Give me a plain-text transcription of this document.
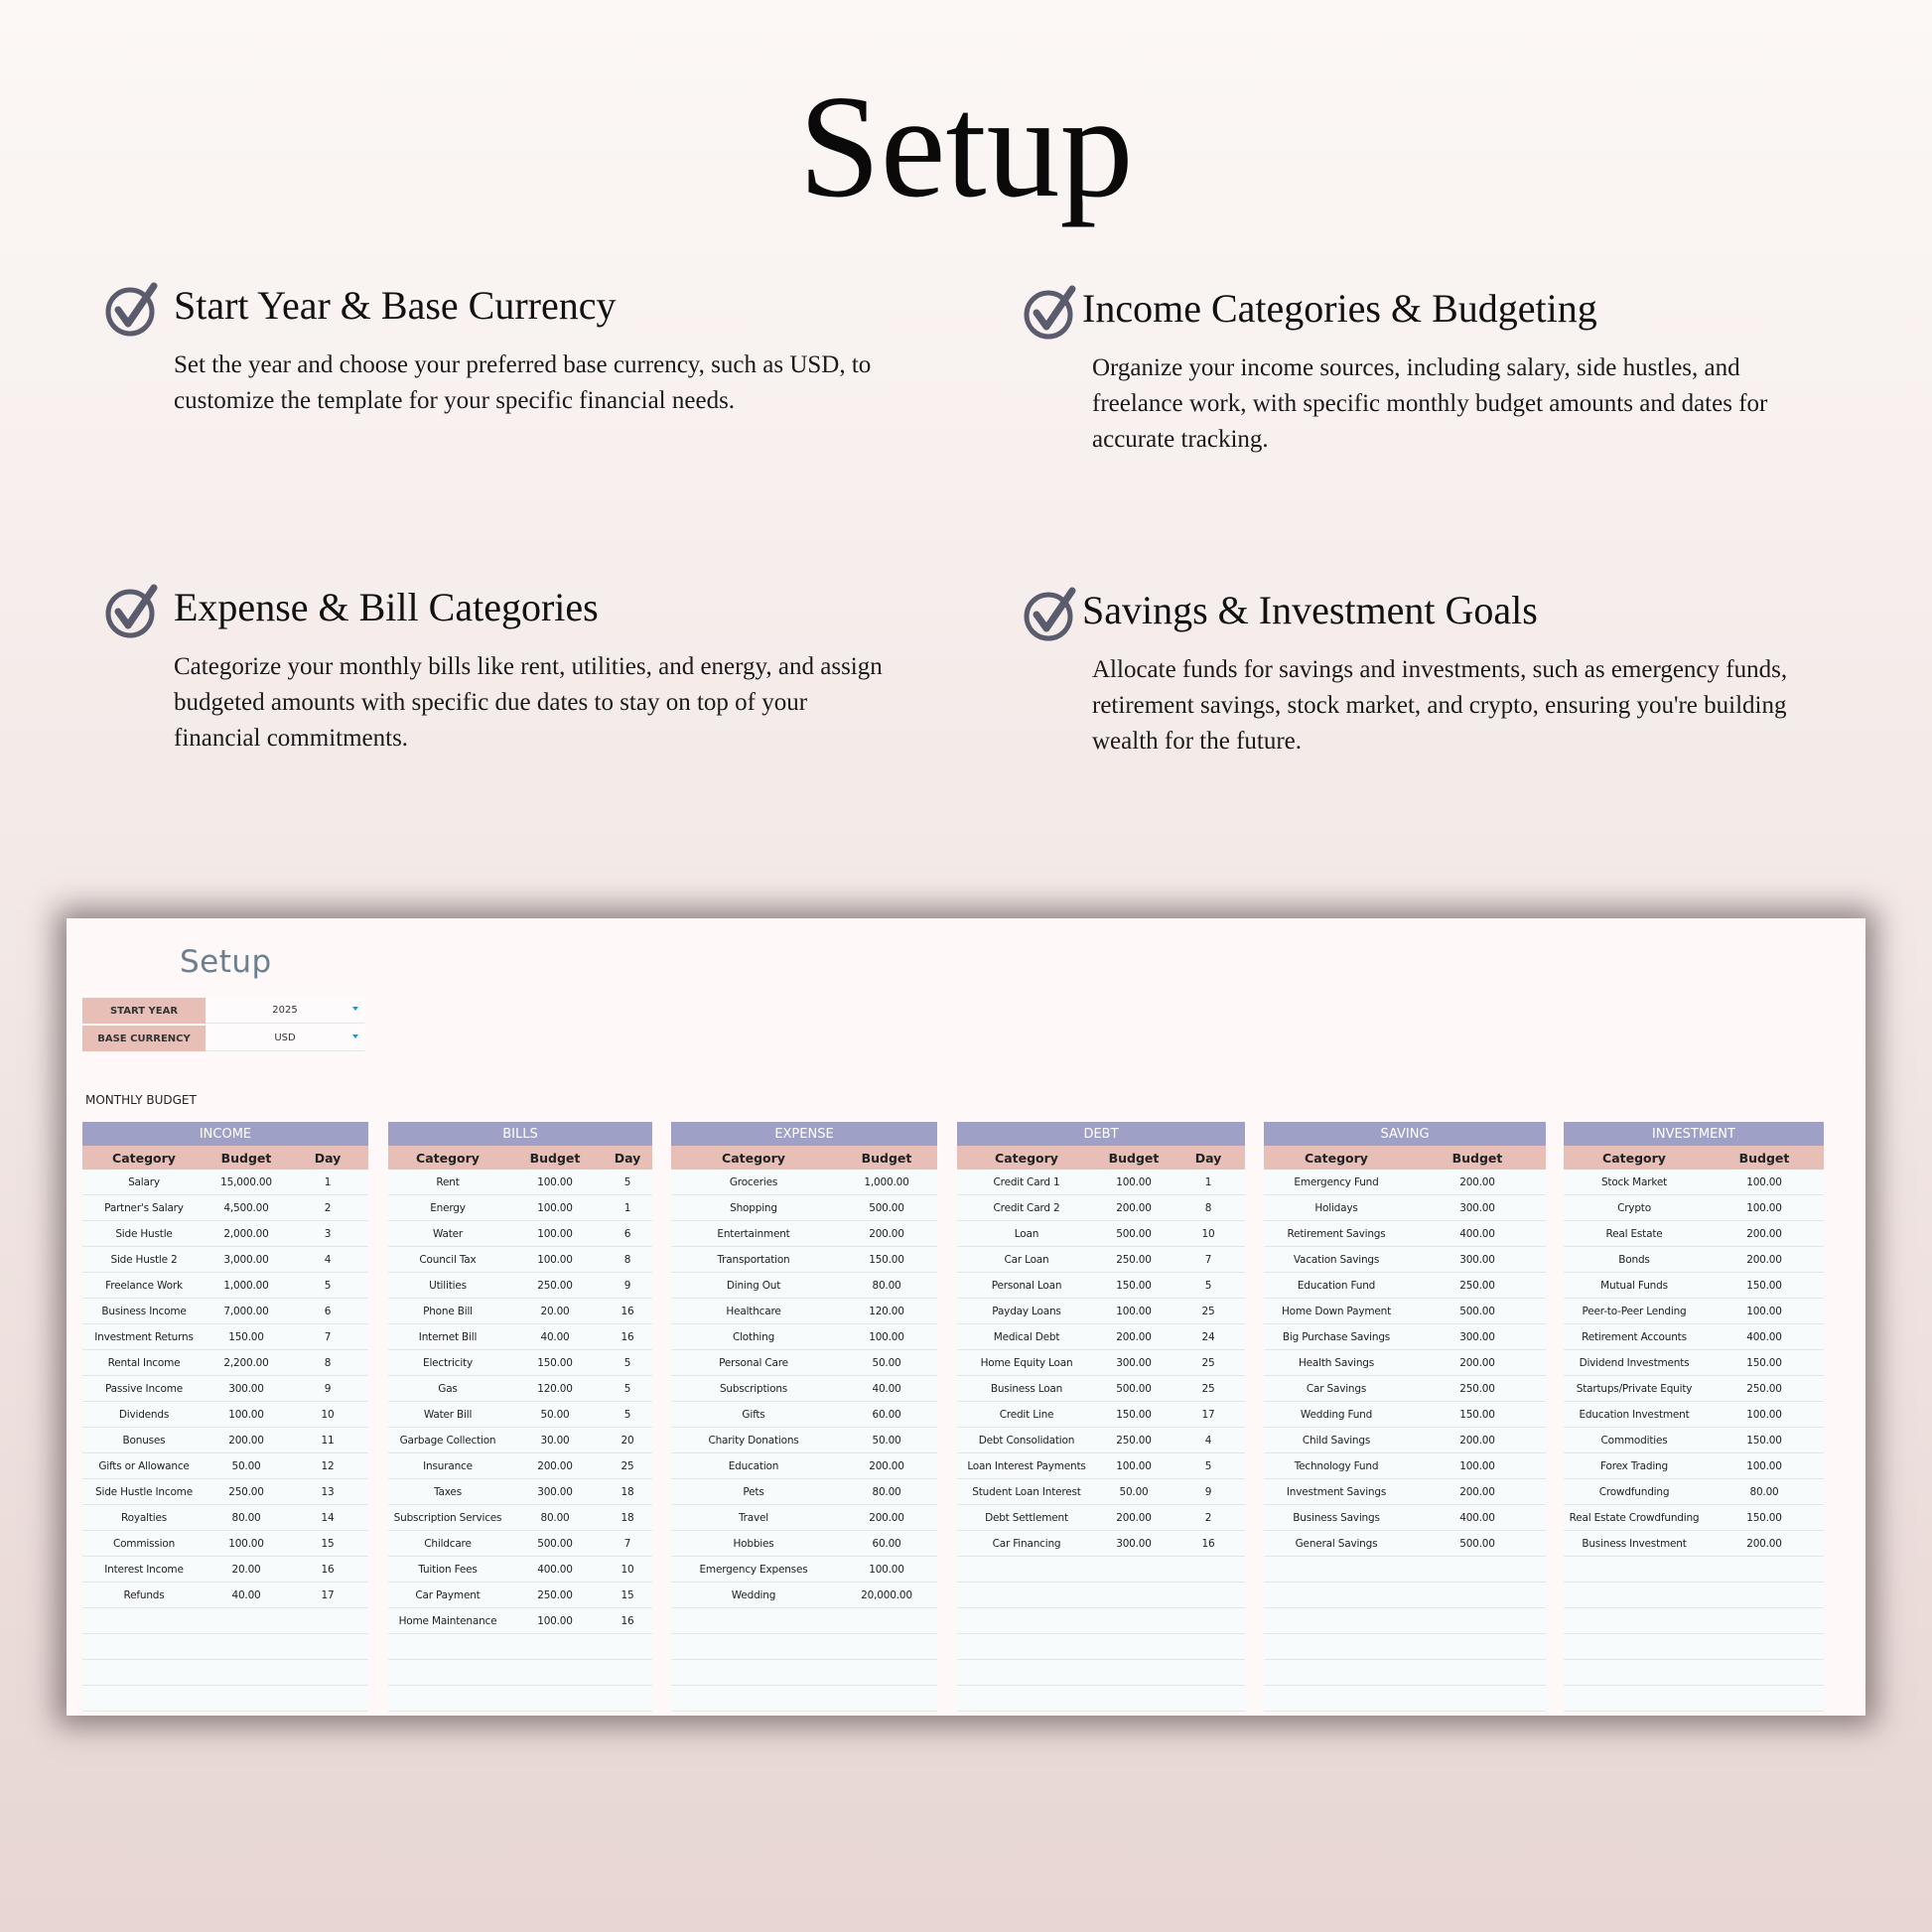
Setup
Start Year & Base Currency

Set the year and choose your preferred base currency, such as USD, to customize the template for your specific financial needs.

Income Categories & Budgeting

Organize your income sources, including salary, side hustles, and freelance work, with specific monthly budget amounts and dates for accurate tracking.

Expense & Bill Categories

Categorize your monthly bills like rent, utilities, and energy, and assign budgeted amounts with specific due dates to stay on top of your financial commitments.

Savings & Investment Goals

Allocate funds for savings and investments, such as emergency funds, retirement savings, stock market, and crypto, ensuring you're building wealth for the future.

Setup
START YEAR	2025
BASE CURRENCY	USD
MONTHLY BUDGET
INCOME
Category	Budget	Day
Salary	15,000.00	1
Partner's Salary	4,500.00	2
Side Hustle	2,000.00	3
Side Hustle 2	3,000.00	4
Freelance Work	1,000.00	5
Business Income	7,000.00	6
Investment Returns	150.00	7
Rental Income	2,200.00	8
Passive Income	300.00	9
Dividends	100.00	10
Bonuses	200.00	11
Gifts or Allowance	50.00	12
Side Hustle Income	250.00	13
Royalties	80.00	14
Commission	100.00	15
Interest Income	20.00	16
Refunds	40.00	17
BILLS
Category	Budget	Day
Rent	100.00	5
Energy	100.00	1
Water	100.00	6
Council Tax	100.00	8
Utilities	250.00	9
Phone Bill	20.00	16
Internet Bill	40.00	16
Electricity	150.00	5
Gas	120.00	5
Water Bill	50.00	5
Garbage Collection	30.00	20
Insurance	200.00	25
Taxes	300.00	18
Subscription Services	80.00	18
Childcare	500.00	7
Tuition Fees	400.00	10
Car Payment	250.00	15
Home Maintenance	100.00	16
EXPENSE
Category	Budget
Groceries	1,000.00
Shopping	500.00
Entertainment	200.00
Transportation	150.00
Dining Out	80.00
Healthcare	120.00
Clothing	100.00
Personal Care	50.00
Subscriptions	40.00
Gifts	60.00
Charity Donations	50.00
Education	200.00
Pets	80.00
Travel	200.00
Hobbies	60.00
Emergency Expenses	100.00
Wedding	20,000.00
DEBT
Category	Budget	Day
Credit Card 1	100.00	1
Credit Card 2	200.00	8
Loan	500.00	10
Car Loan	250.00	7
Personal Loan	150.00	5
Payday Loans	100.00	25
Medical Debt	200.00	24
Home Equity Loan	300.00	25
Business Loan	500.00	25
Credit Line	150.00	17
Debt Consolidation	250.00	4
Loan Interest Payments	100.00	5
Student Loan Interest	50.00	9
Debt Settlement	200.00	2
Car Financing	300.00	16
SAVING
Category	Budget
Emergency Fund	200.00
Holidays	300.00
Retirement Savings	400.00
Vacation Savings	300.00
Education Fund	250.00
Home Down Payment	500.00
Big Purchase Savings	300.00
Health Savings	200.00
Car Savings	250.00
Wedding Fund	150.00
Child Savings	200.00
Technology Fund	100.00
Investment Savings	200.00
Business Savings	400.00
General Savings	500.00
INVESTMENT
Category	Budget
Stock Market	100.00
Crypto	100.00
Real Estate	200.00
Bonds	200.00
Mutual Funds	150.00
Peer-to-Peer Lending	100.00
Retirement Accounts	400.00
Dividend Investments	150.00
Startups/Private Equity	250.00
Education Investment	100.00
Commodities	150.00
Forex Trading	100.00
Crowdfunding	80.00
Real Estate Crowdfunding	150.00
Business Investment	200.00
